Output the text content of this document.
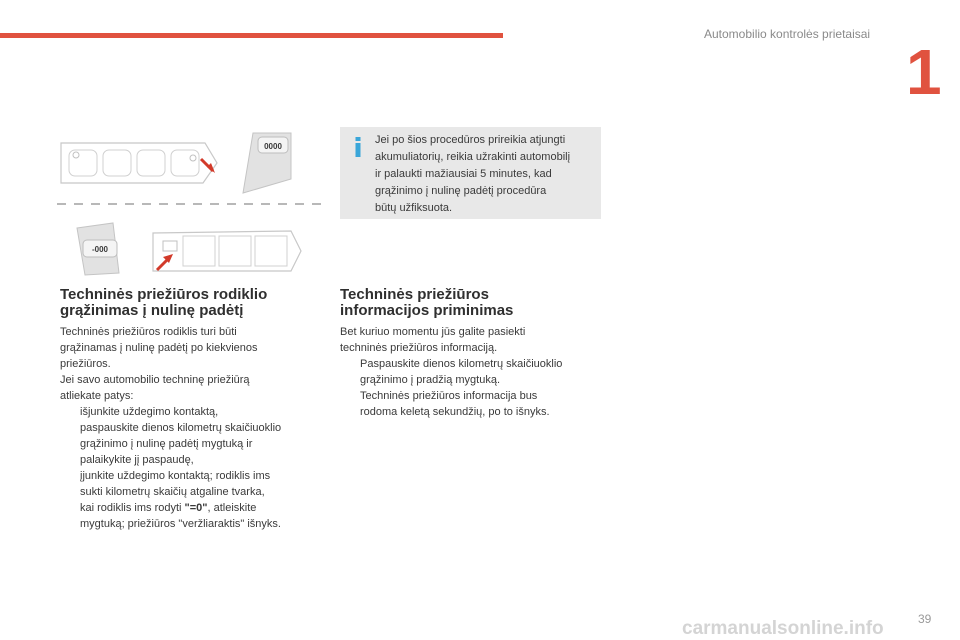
Automobilio kontrolės prietaisai
1
0000
-000
Jei po šios procedūros prireikia atjungti
akumuliatorių, reikia užrakinti automobilį
ir palaukti mažiausiai 5 minutes, kad
grąžinimo į nulinę padėtį procedūra
būtų užfiksuota.
Techninės priežiūros rodiklio
grąžinimas į nulinę padėtį
Techninės priežiūros rodiklis turi būti
grąžinamas į nulinę padėtį po kiekvienos
priežiūros.
Jei savo automobilio techninę priežiūrą
atliekate patys:
išjunkite uždegimo kontaktą,
paspauskite dienos kilometrų skaičiuoklio
grąžinimo į nulinę padėtį mygtuką ir
palaikykite jį paspaudę,
įjunkite uždegimo kontaktą; rodiklis ims
sukti kilometrų skaičių atgaline tvarka,
kai rodiklis ims rodyti "=0", atleiskite
mygtuką; priežiūros "veržliaraktis" išnyks.
Techninės priežiūros
informacijos priminimas
Bet kuriuo momentu jūs galite pasiekti
techninės priežiūros informaciją.
Paspauskite dienos kilometrų skaičiuoklio
grąžinimo į pradžią mygtuką.
Techninės priežiūros informacija bus
rodoma keletą sekundžių, po to išnyks.
39
carmanualsonline.info
